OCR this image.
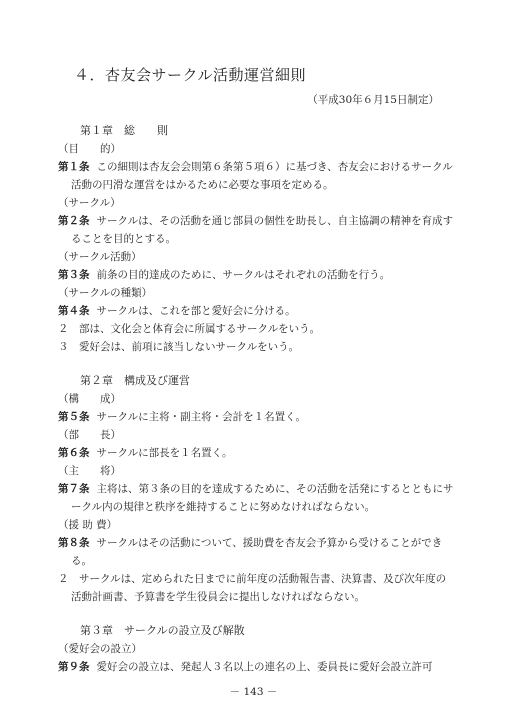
４．杏友会サークル活動運営細則
（平成30年６月15日制定）
第１章　総　　則
（目　　的）
第１条 この細則は杏友会会則第６条第５項６）に基づき、杏友会におけるサークル活動の円滑な運営をはかるために必要な事項を定める。
（サークル）
第２条 サークルは、その活動を通じ部員の個性を助長し、自主協調の精神を育成することを目的とする。
（サークル活動）
第３条 前条の目的達成のために、サークルはそれぞれの活動を行う。
（サークルの種類）
第４条 サークルは、これを部と愛好会に分ける。
２　部は、文化会と体育会に所属するサークルをいう。
３　愛好会は、前項に該当しないサークルをいう。
第２章　構成及び運営
（構　　成）
第５条 サークルに主将・副主将・会計を１名置く。
（部　　長）
第６条 サークルに部長を１名置く。
（主　　将）
第７条 主将は、第３条の目的を達成するために、その活動を活発にするとともにサークル内の規律と秩序を維持することに努めなければならない。
（援 助 費）
第８条 サークルはその活動について、援助費を杏友会予算から受けることができる。
２　サークルは、定められた日までに前年度の活動報告書、決算書、及び次年度の活動計画書、予算書を学生役員会に提出しなければならない。
第３章　サークルの設立及び解散
（愛好会の設立）
第９条 愛好会の設立は、発起人３名以上の連名の上、委員長に愛好会設立許可
－ 143 －
